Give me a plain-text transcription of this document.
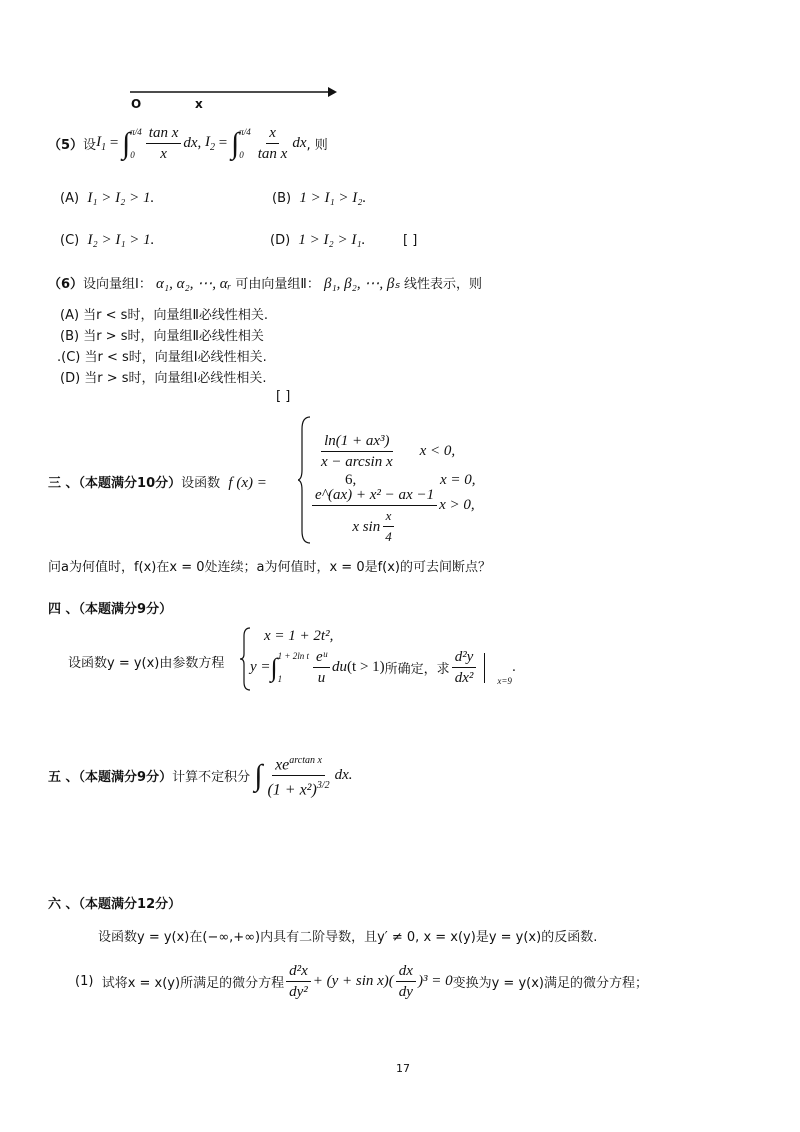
O	x
（5） 设 $I_1$ = ∫ π/4
$0 \frac{\text{tan x}}{x}$ dx , $I_2$ = ∫ π/4
$0 \frac{x}{\text{tan x}}$ dx , 则
(A) I₁ > I₂ > 1.	(B) 1 > I₁ > I₂.
(C) I₂ > I₁ > 1.	(D) 1 > I₂ > I₁.	[ ]
（6）设向量组Ⅰ： α₁, α₂, ⋯, αᵣ 可由向量组Ⅱ： β₁, β₂, ⋯, βₛ 线性表示，则
(A) 当r < s时，向量组Ⅱ必线性相关.
(B) 当r > s时，向量组Ⅱ必线性相关
.(C) 当r < s时，向量组Ⅰ必线性相关.
(D) 当r > s时，向量组Ⅰ必线性相关.
[ ]
三 、（本题满分10分）设函数 f (x) =
$\frac{\text{ln(1 + ax³)}}{\text{x − arcsin x}}$ x < 0,
6,	x = 0,
$\frac{\text{e\textasciicircum{}(ax) + x² − ax −1}}{x \sin \frac{x}{4}}$ x > 0,
问a为何值时，f(x)在x = 0处连续；a为何值时，x = 0是f(x)的可去间断点？
四 、（本题满分9分）
设函数y = y(x)由参数方程
x = 1 + 2t²,
y = ∫ 1 + 2ln t
1	$\frac{\text{eᵘ}}{u}$ du (t > 1) 所确定，求 $\frac{\text{d²y}}{\text{dx²}} x=9$
.
五 、（本题满分9分） 计算不定积分
∫ $\frac{xe^{arctan x}}{(1 + x^2)^{3/2}}$ dx.
六 、（本题满分12分）
设函数y = y(x)在(−∞,+∞)内具有二阶导数，且y′ ≠ 0, x = x(y)是y = y(x)的反函数.
(1)
试将x = x(y)所满足的微分方程 $\frac{\text{d²x}}{\text{dy²}} + (y + \sin x)( \frac{dx}{dy} )^3 = 0$ 变换为y = y(x)满足的微分方程；
17
